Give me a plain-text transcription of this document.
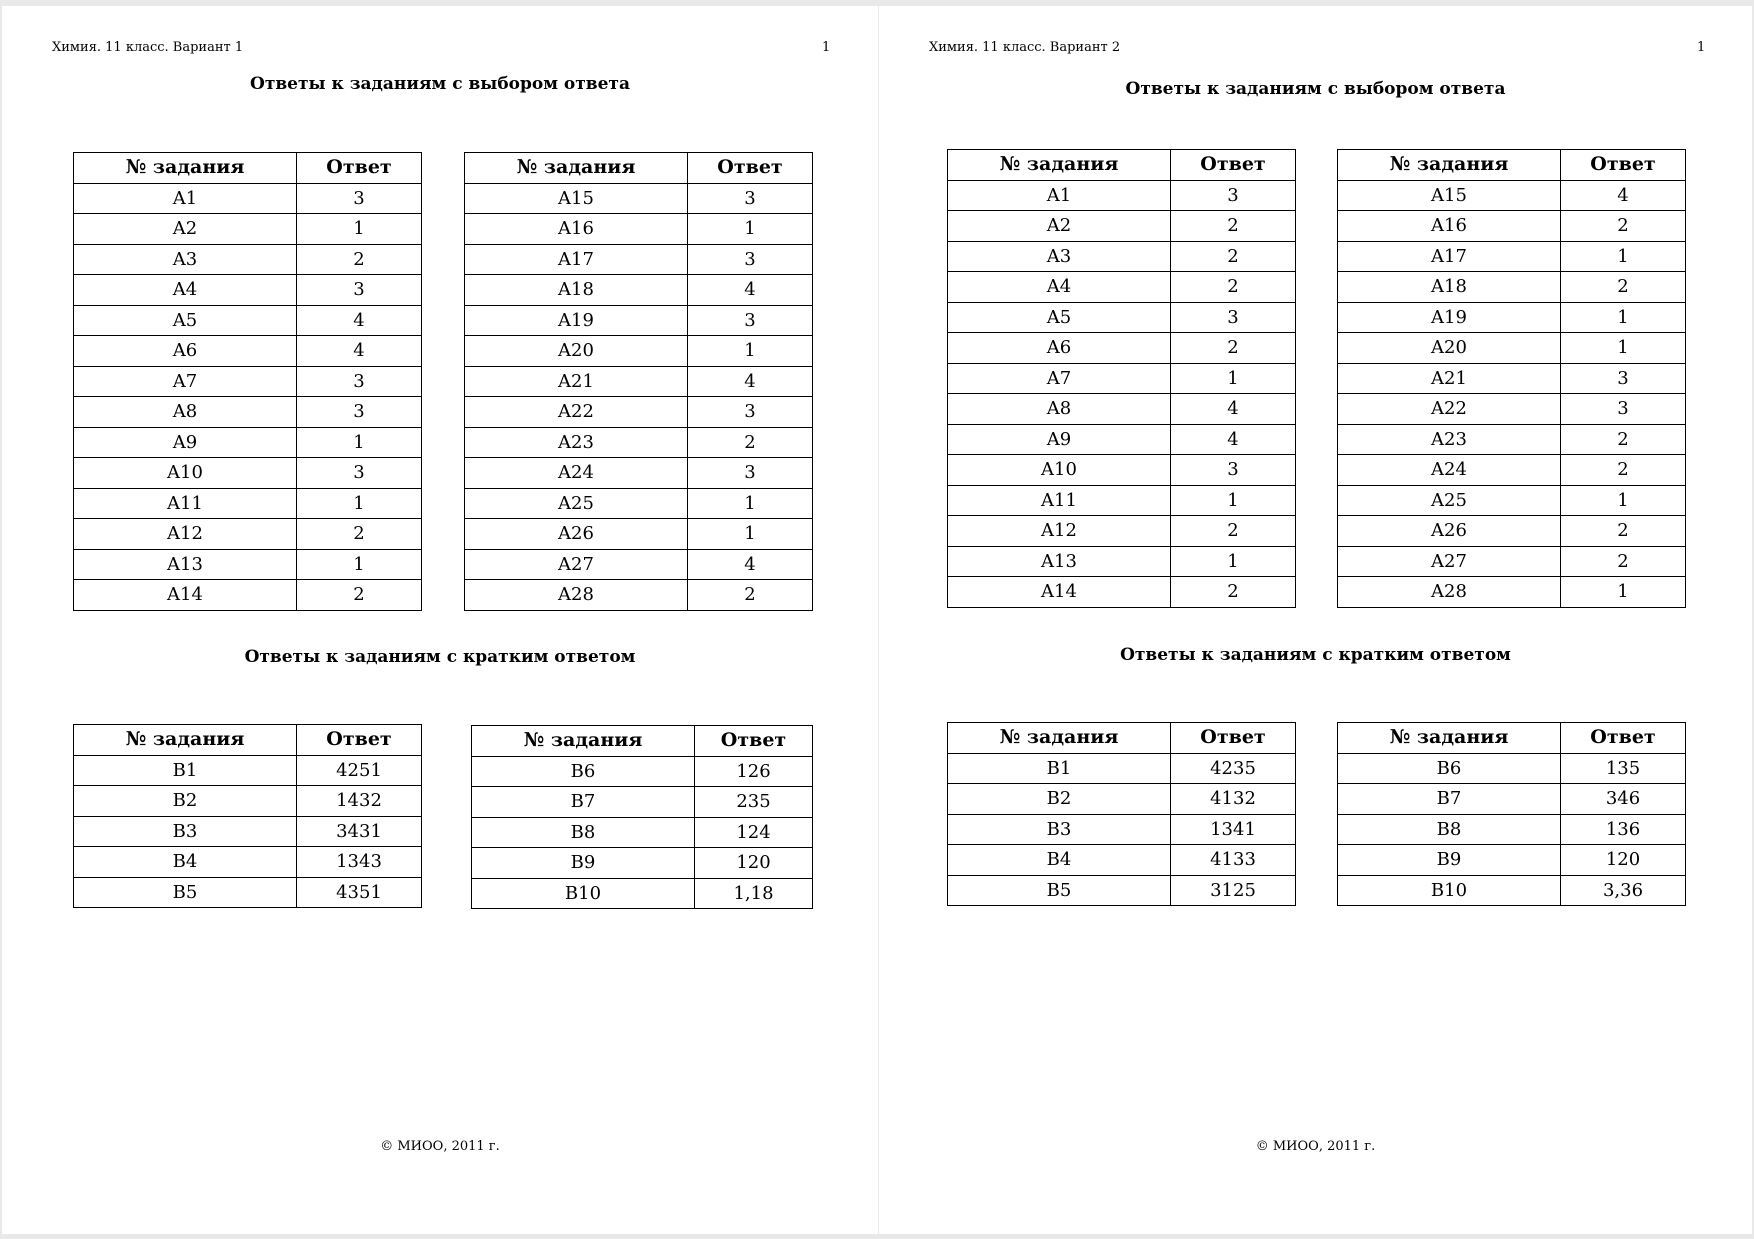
Химия. 11 класс. Вариант 1	1
Ответы к заданиям с выбором ответа
№ задания	Ответ
A1	3
A2	1
A3	2
A4	3
A5	4
A6	4
A7	3
A8	3
A9	1
A10	3
A11	1
A12	2
A13	1
A14	2
№ задания	Ответ
A15	3
A16	1
A17	3
A18	4
A19	3
A20	1
A21	4
A22	3
A23	2
A24	3
A25	1
A26	1
A27	4
A28	2
Ответы к заданиям с кратким ответом
№ задания	Ответ
B1	4251
B2	1432
B3	3431
B4	1343
B5	4351
№ задания	Ответ
B6	126
B7	235
B8	124
B9	120
B10	1,18
© МИОО, 2011 г.
Химия. 11 класс. Вариант 2	1
Ответы к заданиям с выбором ответа
№ задания	Ответ
A1	3
A2	2
A3	2
A4	2
A5	3
A6	2
A7	1
A8	4
A9	4
A10	3
A11	1
A12	2
A13	1
A14	2
№ задания	Ответ
A15	4
A16	2
A17	1
A18	2
A19	1
A20	1
A21	3
A22	3
A23	2
A24	2
A25	1
A26	2
A27	2
A28	1
Ответы к заданиям с кратким ответом
№ задания	Ответ
B1	4235
B2	4132
B3	1341
B4	4133
B5	3125
№ задания	Ответ
B6	135
B7	346
B8	136
B9	120
B10	3,36
© МИОО, 2011 г.
